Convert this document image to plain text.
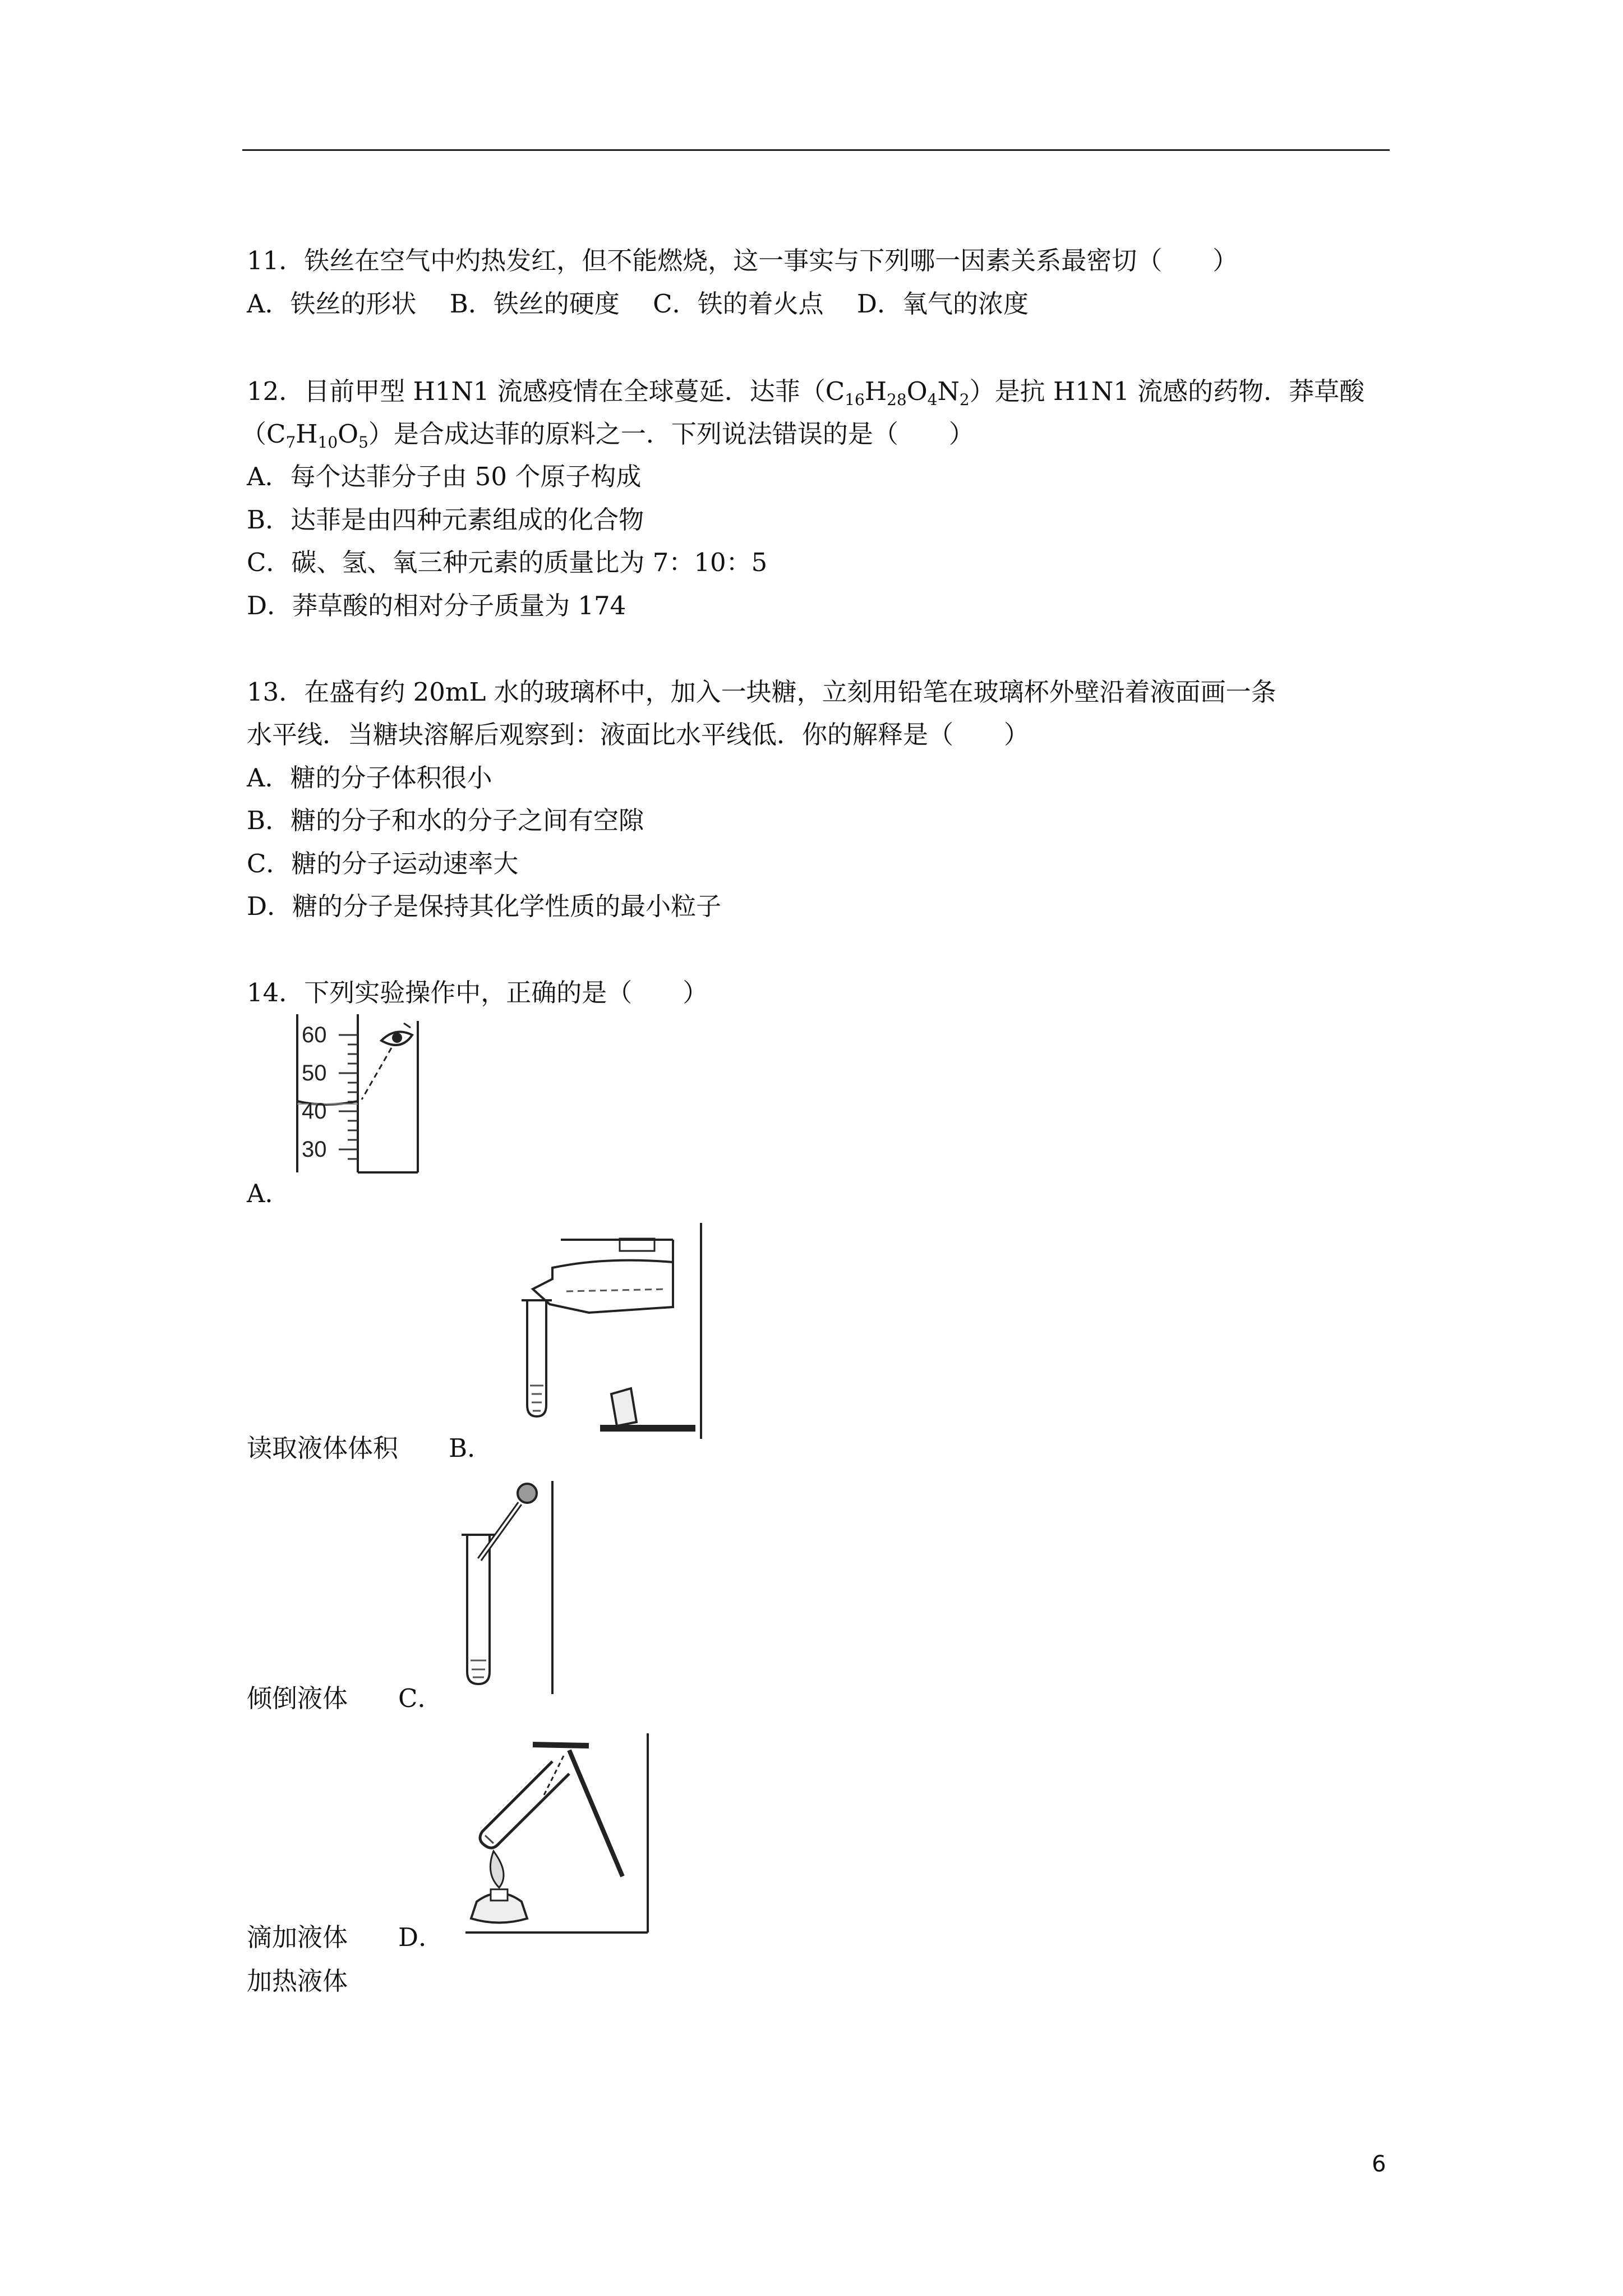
11．铁丝在空气中灼热发红，但不能燃烧，这一事实与下列哪一因素关系最密切（　　）
A．铁丝的形状　 B．铁丝的硬度　 C．铁的着火点　 D．氧气的浓度
12．目前甲型 H1N1 流感疫情在全球蔓延．达菲$(C_{16}H_{28}O_4N_2)$是抗 H1N1 流感的药物．莽草酸
$(C_7H_{10}O_5)$是合成达菲的原料之一．下列说法错误的是（　　）
A．每个达菲分子由 50 个原子构成
B．达菲是由四种元素组成的化合物
C．碳、氢、氧三种元素的质量比为 7：10：5
D．莽草酸的相对分子质量为 174
13．在盛有约 20mL 水的玻璃杯中，加入一块糖，立刻用铅笔在玻璃杯外壁沿着液面画一条
水平线．当糖块溶解后观察到：液面比水平线低．你的解释是（　　）
A．糖的分子体积很小
B．糖的分子和水的分子之间有空隙
C．糖的分子运动速率大
D．糖的分子是保持其化学性质的最小粒子
14．下列实验操作中，正确的是（　　）
60
50
40
30
A．
读取液体体积　　 B．
倾倒液体　　 C．
滴加液体　　 D．
加热液体
6
